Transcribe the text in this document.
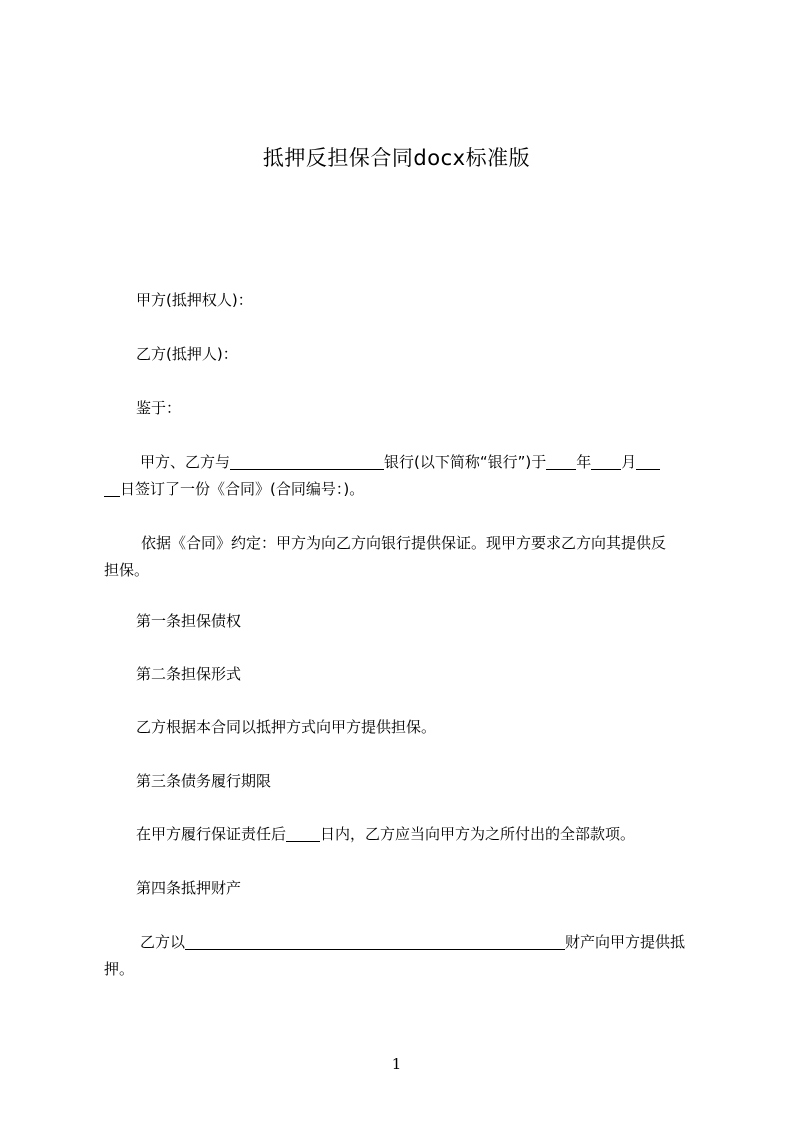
抵押反担保合同docx标准版
甲方(抵押权人)：
乙方(抵押人)：
鉴于：
甲方、乙方与	银行(以下简称“银行”)于 年 月
日签订了一份《合同》(合同编号：)。
依据《合同》约定：甲方为向乙方向银行提供保证。现甲方要求乙方向其提供反
担保。
第一条担保债权
第二条担保形式
乙方根据本合同以抵押方式向甲方提供担保。
第三条债务履行期限
在甲方履行保证责任后 日内，乙方应当向甲方为之所付出的全部款项。
第四条抵押财产
乙方以	财产向甲方提供抵
押。
1
